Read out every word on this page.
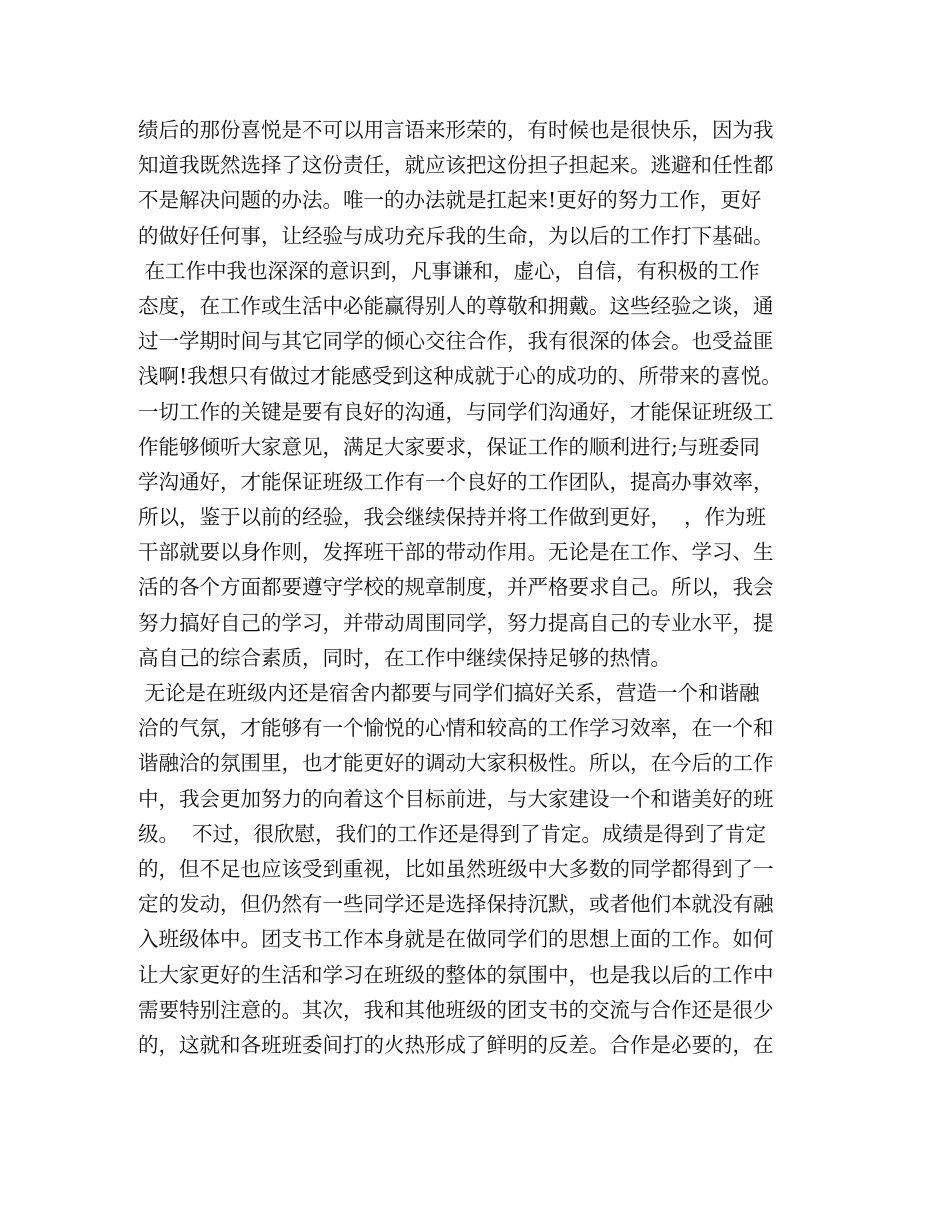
绩后的那份喜悦是不可以用言语来形荣的，有时候也是很快乐，因为我
知道我既然选择了这份责任，就应该把这份担子担起来。逃避和任性都
不是解决问题的办法。唯一的办法就是扛起来!更好的努力工作，更好
的做好任何事，让经验与成功充斥我的生命，为以后的工作打下基础。
在工作中我也深深的意识到，凡事谦和，虚心，自信，有积极的工作
态度，在工作或生活中必能赢得别人的尊敬和拥戴。这些经验之谈，通
过一学期时间与其它同学的倾心交往合作，我有很深的体会。也受益匪
浅啊!我想只有做过才能感受到这种成就于心的成功的、所带来的喜悦。
一切工作的关键是要有良好的沟通，与同学们沟通好，才能保证班级工
作能够倾听大家意见，满足大家要求，保证工作的顺利进行;与班委同
学沟通好，才能保证班级工作有一个良好的工作团队，提高办事效率，
所以，鉴于以前的经验，我会继续保持并将工作做到更好，  ，作为班
干部就要以身作则，发挥班干部的带动作用。无论是在工作、学习、生
活的各个方面都要遵守学校的规章制度，并严格要求自己。所以，我会
努力搞好自己的学习，并带动周围同学，努力提高自己的专业水平，提
高自己的综合素质，同时，在工作中继续保持足够的热情。
无论是在班级内还是宿舍内都要与同学们搞好关系，营造一个和谐融
洽的气氛，才能够有一个愉悦的心情和较高的工作学习效率，在一个和
谐融洽的氛围里，也才能更好的调动大家积极性。所以，在今后的工作
中，我会更加努力的向着这个目标前进，与大家建设一个和谐美好的班
级。  不过，很欣慰，我们的工作还是得到了肯定。成绩是得到了肯定
的，但不足也应该受到重视，比如虽然班级中大多数的同学都得到了一
定的发动，但仍然有一些同学还是选择保持沉默，或者他们本就没有融
入班级体中。团支书工作本身就是在做同学们的思想上面的工作。如何
让大家更好的生活和学习在班级的整体的氛围中，也是我以后的工作中
需要特别注意的。其次，我和其他班级的团支书的交流与合作还是很少
的，这就和各班班委间打的火热形成了鲜明的反差。合作是必要的，在
